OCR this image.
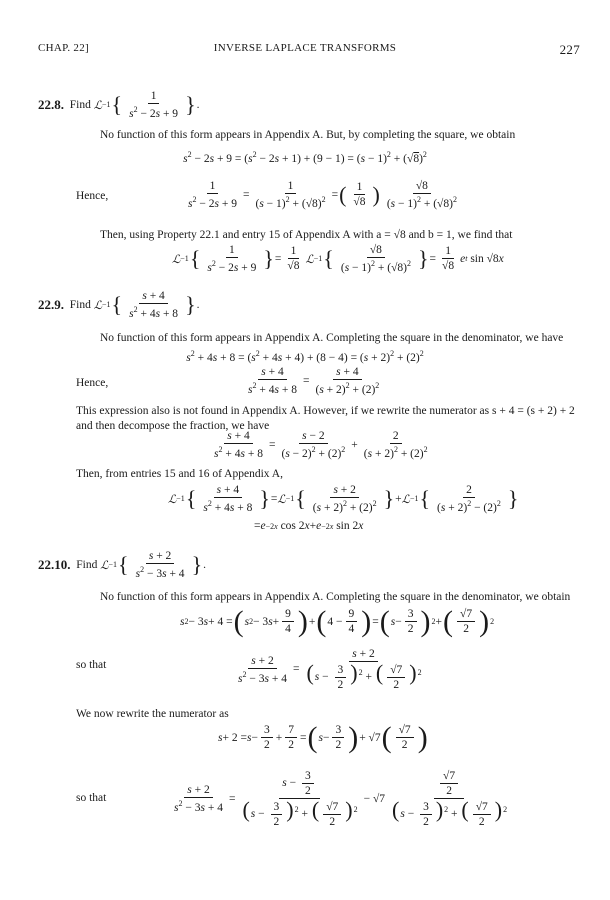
CHAP. 22]	INVERSE LAPLACE TRANSFORMS	227
22.8.
Find
ℒ −1 { $\frac{1}{s^2 - 2s + 9}$ } .
No function of this form appears in Appendix A. But, by completing the square, we obtain
$s^2 - 2s + 9 = (s^2 - 2s + 1) + (9 - 1) = (s - 1)^2 + (√8)^2$
Hence,	$\frac{1}{s^2 - 2s + 9} = \frac{1}{(s - 1)^2 + (√8)^2}$ = ( $\frac{1}{√8}$ ) $\frac{√8}{(s - 1)^2 + (√8)^2}$
Then, using Property 22.1 and entry 15 of Appendix A with a = √8 and b = 1, we find that
ℒ −1 { $\frac{1}{s^2 - 2s + 9}$ } = $\frac{1}{√8}$ ℒ −1 { $\frac{√8}{(s - 1)^2 + (√8)^2}$ } = $\frac{1}{√8}$ e t sin √8 x
22.9.
Find
ℒ −1 { $\frac{s + 4}{s^2 + 4s + 8}$ } .
No function of this form appears in Appendix A. Completing the square in the denominator, we have
$s^2 + 4s + 8 = (s^2 + 4s + 4) + (8 - 4) = (s + 2)^2 + (2)^2$
Hence,	$\frac{s + 4}{s^2 + 4s + 8} = \frac{s + 4}{(s + 2)^2 + (2)^2}$
This expression also is not found in Appendix A. However, if we rewrite the numerator as s + 4 = (s + 2) + 2 and then decompose the fraction, we have
$\frac{s + 4}{s^2 + 4s + 8} = \frac{s - 2}{(s - 2)^2 + (2)^2} + \frac{2}{(s + 2)^2 + (2)^2}$
Then, from entries 15 and 16 of Appendix A,
ℒ −1 { $\frac{s + 4}{s^2 + 4s + 8}$ } = ℒ −1 { $\frac{s + 2}{(s + 2)^2 + (2)^2}$ } + ℒ −1 { $\frac{2}{(s + 2)^2 - (2)^2}$ }
= e −2x cos 2 x + e −2x sin 2 x
22.10.
Find
ℒ −1 { $\frac{s + 2}{s^2 - 3s + 4}$ } .
No function of this form appears in Appendix A. Completing the square in the denominator, we obtain
s 2 − 3 s + 4 = ( s 2 − 3 $s + \frac{9}{4}$ ) + ( $4 - \frac{9}{4}$ ) = ( $s - \frac{3}{2}$ ) 2 + ( $\frac{√7}{2}$ ) 2
so that	$\frac{s + 2}{s^2 - 3s + 4} = \frac{s + 2}{(s - \frac{3}{2} )^2 + ( \frac{√7}{2} )^2}$
We now rewrite the numerator as
$s + 2 = s - \frac{3}{2} + \frac{7}{2}$ = ( $s - \frac{3}{2}$ ) + √7 ( $\frac{√7}{2}$ )
so that	$\frac{s + 2}{s^2 - 3s + 4} = \frac{s - \frac{3}{2}}{(s - \frac{3}{2} )^2 + ( \frac{√7}{2} )^2} - √7 \frac{\frac{√7}{2}}{(s - \frac{3}{2} )^2 + ( \frac{√7}{2} )^2}$
